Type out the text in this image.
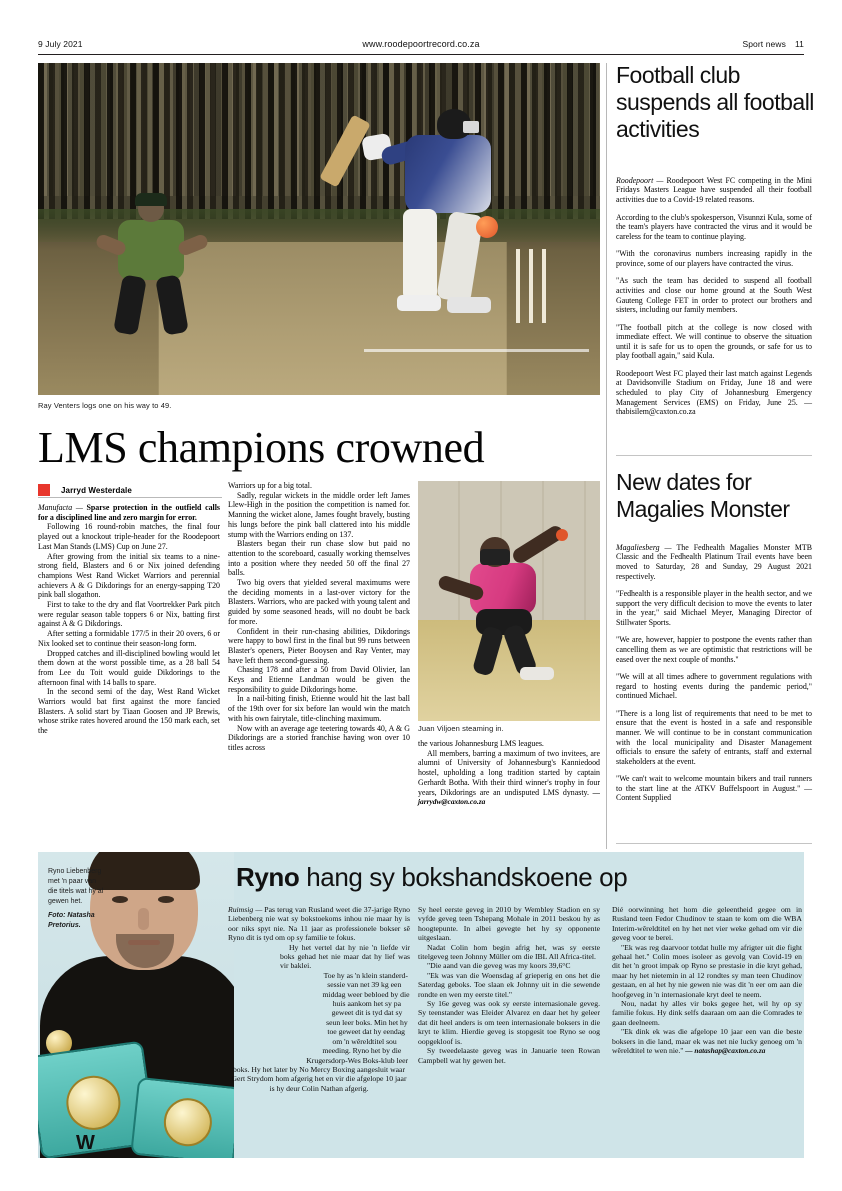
9 July 2021	www.roodepoortrecord.co.za	Sport news 11
Ray Venters logs one on his way to 49.
LMS champions crowned
Jarryd Westerdale

Manufacta — Sparse protection in the outfield calls for a disciplined line and zero margin for error.

Following 16 round-robin matches, the final four played out a knockout triple-header for the Roodepoort Last Man Stands (LMS) Cup on June 27.

After growing from the initial six teams to a nine-strong field, Blasters and 6 or Nix joined defending champions West Rand Wicket Warriors and perennial achievers A & G Dikdorings for an energy-sapping T20 pink ball slogathon.

First to take to the dry and flat Voortrekker Park pitch were regular season table toppers 6 or Nix, batting first against A & G Dikdorings.

After setting a formidable 177/5 in their 20 overs, 6 or Nix looked set to continue their season-long form.

Dropped catches and ill-disciplined bowling would let them down at the worst possible time, as a 28 ball 54 from Lee du Toit would guide Dikdorings to the afternoon final with 14 balls to spare.

In the second semi of the day, West Rand Wicket Warriors would bat first against the more fancied Blasters. A solid start by Tiaan Goosen and JP Brewis, whose strike rates hovered around the 150 mark each, set the

Warriors up for a big total.

Sadly, regular wickets in the middle order left James Llew-High in the position the competition is named for. Manning the wicket alone, James fought bravely, busting his lungs before the pink ball clattered into his middle stump with the Warriors ending on 137.

Blasters began their run chase slow but paid no attention to the scoreboard, casually working themselves into a position where they needed 50 off the final 27 balls.

Two big overs that yielded several maximums were the deciding moments in a last-over victory for the Blasters. Warriors, who are packed with young talent and guided by some seasoned heads, will no doubt be back for more.

Confident in their run-chasing abilities, Dikdorings were happy to bowl first in the final but 99 runs between Blaster's openers, Pieter Booysen and Ray Venter, may have left them second-guessing.

Chasing 178 and after a 50 from David Olivier, Ian Keys and Etienne Landman would be given the responsibility to guide Dikdorings home.

In a nail-biting finish, Etienne would hit the last ball of the 19th over for six before Ian would win the match with his own fairytale, title-clinching maximum.

Now with an average age teetering towards 40, A & G Dikdorings are a storied franchise having won over 10 titles across	the various Johannesburg LMS leagues.

All members, barring a maximum of two invitees, are alumni of University of Johannesburg's Kanniedood hostel, upholding a long tradition started by captain Gerhardt Botha. With their third winner's trophy in four years, Dikdorings are an undisputed LMS dynasty. — jarrydw@caxton.co.za

Juan Viljoen steaming in.
Football club suspends all football activities

Roodepoort — Roodepoort West FC competing in the Mini Fridays Masters League have suspended all their football activities due to a Covid-19 related reasons.

According to the club's spokesperson, Visunnzi Kula, some of the team's players have contracted the virus and it would be careless for the team to continue playing.

"With the coronavirus numbers increasing rapidly in the province, some of our players have contracted the virus.

"As such the team has decided to suspend all football activities and close our home ground at the South West Gauteng College FET in order to protect our brothers and sisters, including our family members.

"The football pitch at the college is now closed with immediate effect. We will continue to observe the situation until it is safe for us to open the grounds, or safe for us to play football again," said Kula.

Roodepoort West FC played their last match against Legends at Davidsonville Stadium on Friday, June 18 and were scheduled to play City of Johannesburg Emergency Management Services (EMS) on Friday, June 25. — thabisilem@caxton.co.za

New dates for Magalies Monster

Magaliesberg — The Fedhealth Magalies Monster MTB Classic and the Fedhealth Platinum Trail events have been moved to Saturday, 28 and Sunday, 29 August 2021 respectively.

"Fedhealth is a responsible player in the health sector, and we support the very difficult decision to move the events to later in the year," said Michael Meyer, Managing Director of Stillwater Sports.

"We are, however, happier to postpone the events rather than cancelling them as we are optimistic that restrictions will be eased over the next couple of months."

"We will at all times adhere to government regulations with regard to hosting events during the pandemic period," continued Michael.

"There is a long list of requirements that need to be met to ensure that the event is hosted in a safe and responsible manner. We will continue to be in constant communication with the local municipality and Disaster Management officials to ensure the safety of entrants, staff and external stakeholders at the event.

"We can't wait to welcome mountain bikers and trail runners to the start line at the ATKV Buffelspoort in August." — Content Supplied

W
Ryno Liebenberg met 'n paar van die titels wat hy al gewen het.
Foto: Natasha Pretorius.
Ryno hang sy bokshandskoene op

Ruimsig — Pas terug van Rusland weet die 37-jarige Ryno Liebenberg nie wat sy bokstoekoms inhou nie maar hy is oor niks spyt nie. Na 11 jaar as professionele bokser sê Ryno dit is tyd om op sy familie te fokus.

Hy het vertel dat hy nie 'n liefde vir boks gehad het nie maar dat hy lief was vir baklei.

Toe hy as 'n klein standerd-sessie van net 39 kg een middag weer bebloed by die huis aankom het sy pa geweet dit is tyd dat sy seun leer boks. Min het hy toe geweet dat hy eendag om 'n wêreldtitel sou meeding. Ryno het by die Krugersdorp-Wes Boks-klub leer boks. Hy het later by No Mercy Boxing aangesluit waar Gert Strydom hom afgerig het en vir die afgelope 10 jaar is hy deur Colin Nathan afgerig.

Sy heel eerste geveg in 2010 by Wembley Stadion en sy vyfde geveg teen Tshepang Mohale in 2011 beskou hy as hoogtepunte. In albei gevegte het hy sy opponente uitgeslaan.

Nadat Colin hom begin afrig het, was sy eerste titelgeveg teen Johnny Müller om die IBL All Africa-titel.

"Die aand van die geveg was my koors 39,6°C

"Ek was van die Woensdag af grieperig en ons het die Saterdag geboks. Toe slaan ek Johnny uit in die sewende rondte en wen my eerste titel."

Sy 16e geveg was ook sy eerste internasionale geveg. Sy teenstander was Eleider Alvarez en daar het hy geleer dat dit heel anders is om teen internasionale boksers in die kryt te klim. Hierdie geveg is stopgesit toe Ryno se oog oopgekloof is.

Sy tweedelaaste geveg was in Januarie teen Rowan Campbell wat hy gewen het.

Dié oorwinning het hom die geleentheid gegee om in Rusland teen Fedor Chudinov te staan te kom om die WBA Interim-wêreldtitel en hy het net vier weke gehad om vir die geveg voor te berei.

"Ek was reg daarvoor totdat hulle my afrigter uit die fight gehaal het." Colin moes isoleer as gevolg van Covid-19 en dit het 'n groot impak op Ryno se prestasie in die kryt gehad, maar hy het nietemin in al 12 rondtes sy man teen Chudinov gestaan, en al het hy nie gewen nie was dit 'n eer om aan die hoofgeveg in 'n internasionale kryt deel te neem.

Nou, nadat hy alles vir boks gegee het, wil hy op sy familie fokus. Hy dink selfs daaraan om aan die Comrades te gaan deelneem.

"Ek dink ek was die afgelope 10 jaar een van die beste boksers in die land, maar ek was net nie lucky genoeg om 'n wêreldtitel te wen nie." — natashap@caxton.co.za
